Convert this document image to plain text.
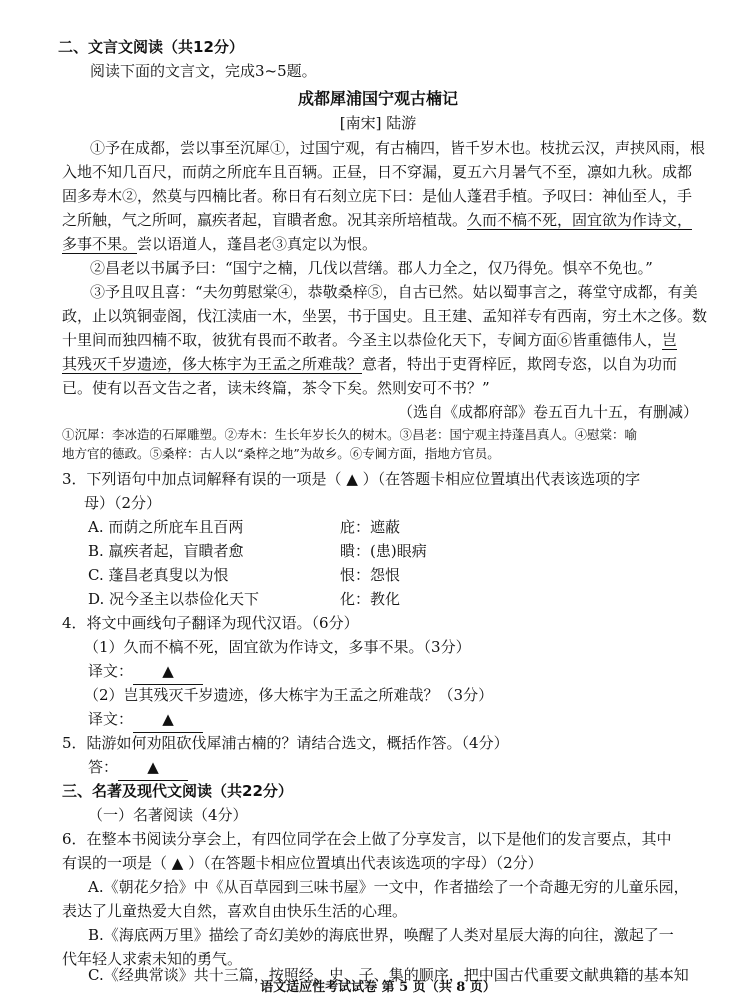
二、文言文阅读（共12分）
阅读下面的文言文，完成3~5题。
成都犀浦国宁观古楠记
[南宋] 陆游
①予在成都，尝以事至沉犀①，过国宁观，有古楠四，皆千岁木也。枝扰云汉，声挟风雨，根
入地不知几百尺，而荫之所庇车且百辆。正昼，日不穿漏，夏五六月暑气不至，凛如九秋。成都
固多寿木②，然莫与四楠比者。称日有石刻立庑下曰：是仙人蓬君手植。予叹曰：神仙至人，手
之所触，气之所呵，羸疾者起，盲瞶者愈。况其亲所培植哉。久而不槁不死，固宜欲为作诗文，
多事不果。尝以语道人，蓬昌老③真定以为恨。
②昌老以书属予曰：“国宁之楠，几伐以营缮。郡人力全之，仅乃得免。惧卒不免也。”
③予且叹且喜：“夫勿剪慰棠④，恭敬桑梓⑤，自古已然。姑以蜀事言之，蒋堂守成都，有美
政，止以筑铜壶阁，伐江渎庙一木，坐罢，书于国史。且王建、孟知祥专有西南，穷土木之侈。数
十里间而独四楠不取，彼犹有畏而不敢者。今圣主以恭俭化天下，专阃方面⑥皆重德伟人，岂
其残灭千岁遗迹，侈大栋宇为王孟之所难哉？意者，特出于吏胥梓匠，欺罔专恣，以自为功而
已。使有以吾文告之者，读未终篇，茶令下矣。然则安可不书？”
（选自《成都府部》卷五百九十五，有删减）
①沉犀：李冰造的石犀雕塑。②寿木：生长年岁长久的树木。③昌老：国宁观主持蓬昌真人。④慰棠：喻
地方官的德政。⑤桑梓：古人以“桑梓之地”为故乡。⑥专阃方面，指地方官员。
3．下列语句中加点词解释有误的一项是（ ▲ ）（在答题卡相应位置填出代表该选项的字
母）（2分）
A. 而荫之所庇车且百两	庇：遮蔽
B. 羸疾者起，盲瞶者愈	瞶：(患)眼病
C. 蓬昌老真叟以为恨	恨：怨恨
D. 况今圣主以恭俭化天下	化：教化
4．将文中画线句子翻译为现代汉语。（6分）
（1）久而不槁不死，固宜欲为作诗文，多事不果。（3分）
译文： ▲
（2）岂其残灭千岁遗迹，侈大栋宇为王孟之所难哉？（3分）
译文： ▲
5．陆游如何劝阻砍伐犀浦古楠的？请结合选文，概括作答。（4分）
答： ▲
三、名著及现代文阅读（共22分）
（一）名著阅读（4分）
6．在整本书阅读分享会上，有四位同学在会上做了分享发言，以下是他们的发言要点，其中
有误的一项是（ ▲ ）（在答题卡相应位置填出代表该选项的字母）（2分）
A.《朝花夕拾》中《从百草园到三味书屋》一文中，作者描绘了一个奇趣无穷的儿童乐园，
表达了儿童热爱大自然，喜欢自由快乐生活的心理。
B.《海底两万里》描绘了奇幻美妙的海底世界，唤醒了人类对星辰大海的向往，激起了一
代年轻人求索未知的勇气。
C.《经典常谈》共十三篇，按照经、史、子、集的顺序，把中国古代重要文献典籍的基本知
语文适应性考试试卷 第 5 页（共 8 页）
